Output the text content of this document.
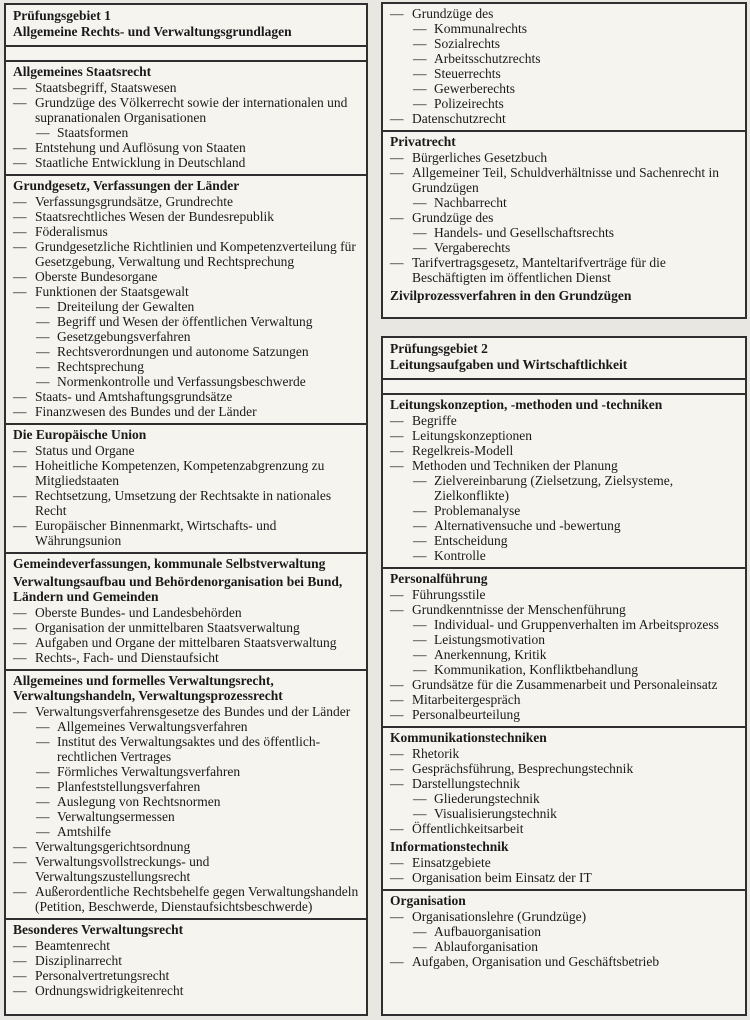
Prüfungsgebiet 1
Allgemeine Rechts- und Verwaltungsgrundlagen
Allgemeines Staatsrecht
— Staatsbegriff, Staatswesen
— Grundzüge des Völkerrecht sowie der internationalen und supranationalen Organisationen
— Staatsformen
— Entstehung und Auflösung von Staaten
— Staatliche Entwicklung in Deutschland
Grundgesetz, Verfassungen der Länder
— Verfassungsgrundsätze, Grundrechte
— Staatsrechtliches Wesen der Bundesrepublik
— Föderalismus
— Grundgesetzliche Richtlinien und Kompetenzverteilung für Gesetzgebung, Verwaltung und Rechtsprechung
— Oberste Bundesorgane
— Funktionen der Staatsgewalt
— Dreiteilung der Gewalten
— Begriff und Wesen der öffentlichen Verwaltung
— Gesetzgebungsverfahren
— Rechtsverordnungen und autonome Satzungen
— Rechtsprechung
— Normenkontrolle und Verfassungsbeschwerde
— Staats- und Amtshaftungsgrundsätze
— Finanzwesen des Bundes und der Länder
Die Europäische Union
— Status und Organe
— Hoheitliche Kompetenzen, Kompetenzabgrenzung zu Mitgliedstaaten
— Rechtsetzung, Umsetzung der Rechtsakte in nationales Recht
— Europäischer Binnenmarkt, Wirtschafts- und Währungsunion
Gemeindeverfassungen, kommunale Selbstverwaltung
Verwaltungsaufbau und Behördenorganisation bei Bund, Ländern und Gemeinden
— Oberste Bundes- und Landesbehörden
— Organisation der unmittelbaren Staatsverwaltung
— Aufgaben und Organe der mittelbaren Staatsverwaltung
— Rechts-, Fach- und Dienstaufsicht
Allgemeines und formelles Verwaltungsrecht, Verwaltungshandeln, Verwaltungsprozessrecht
— Verwaltungsverfahrensgesetze des Bundes und der Länder
— Allgemeines Verwaltungsverfahren
— Institut des Verwaltungsaktes und des öffentlich-rechtlichen Vertrages
— Förmliches Verwaltungsverfahren
— Planfeststellungsverfahren
— Auslegung von Rechtsnormen
— Verwaltungsermessen
— Amtshilfe
— Verwaltungsgerichtsordnung
— Verwaltungsvollstreckungs- und Verwaltungszustellungsrecht
— Außerordentliche Rechtsbehelfe gegen Verwaltungshandeln (Petition, Beschwerde, Dienstaufsichtsbeschwerde)
Besonderes Verwaltungsrecht
— Beamtenrecht
— Disziplinarrecht
— Personalvertretungsrecht
— Ordnungswidrigkeitenrecht
— Grundzüge des
— Kommunalrechts
— Sozialrechts
— Arbeitsschutzrechts
— Steuerrechts
— Gewerberechts
— Polizeirechts
— Datenschutzrecht
Privatrecht
— Bürgerliches Gesetzbuch
— Allgemeiner Teil, Schuldverhältnisse und Sachenrecht in Grundzügen
— Nachbarrecht
— Grundzüge des
— Handels- und Gesellschaftsrechts
— Vergaberechts
— Tarifvertragsgesetz, Manteltarifverträge für die Beschäftigten im öffentlichen Dienst
Zivilprozessverfahren in den Grundzügen
Prüfungsgebiet 2
Leitungsaufgaben und Wirtschaftlichkeit
Leitungskonzeption, -methoden und -techniken
— Begriffe
— Leitungskonzeptionen
— Regelkreis-Modell
— Methoden und Techniken der Planung
— Zielvereinbarung (Zielsetzung, Zielsysteme, Zielkonflikte)
— Problemanalyse
— Alternativensuche und -bewertung
— Entscheidung
— Kontrolle
Personalführung
— Führungsstile
— Grundkenntnisse der Menschenführung
— Individual- und Gruppenverhalten im Arbeitsprozess
— Leistungsmotivation
— Anerkennung, Kritik
— Kommunikation, Konfliktbehandlung
— Grundsätze für die Zusammenarbeit und Personaleinsatz
— Mitarbeitergespräch
— Personalbeurteilung
Kommunikationstechniken
— Rhetorik
— Gesprächsführung, Besprechungstechnik
— Darstellungstechnik
— Gliederungstechnik
— Visualisierungstechnik
— Öffentlichkeitsarbeit
Informationstechnik
— Einsatzgebiete
— Organisation beim Einsatz der IT
Organisation
— Organisationslehre (Grundzüge)
— Aufbauorganisation
— Ablauforganisation
— Aufgaben, Organisation und Geschäftsbetrieb
